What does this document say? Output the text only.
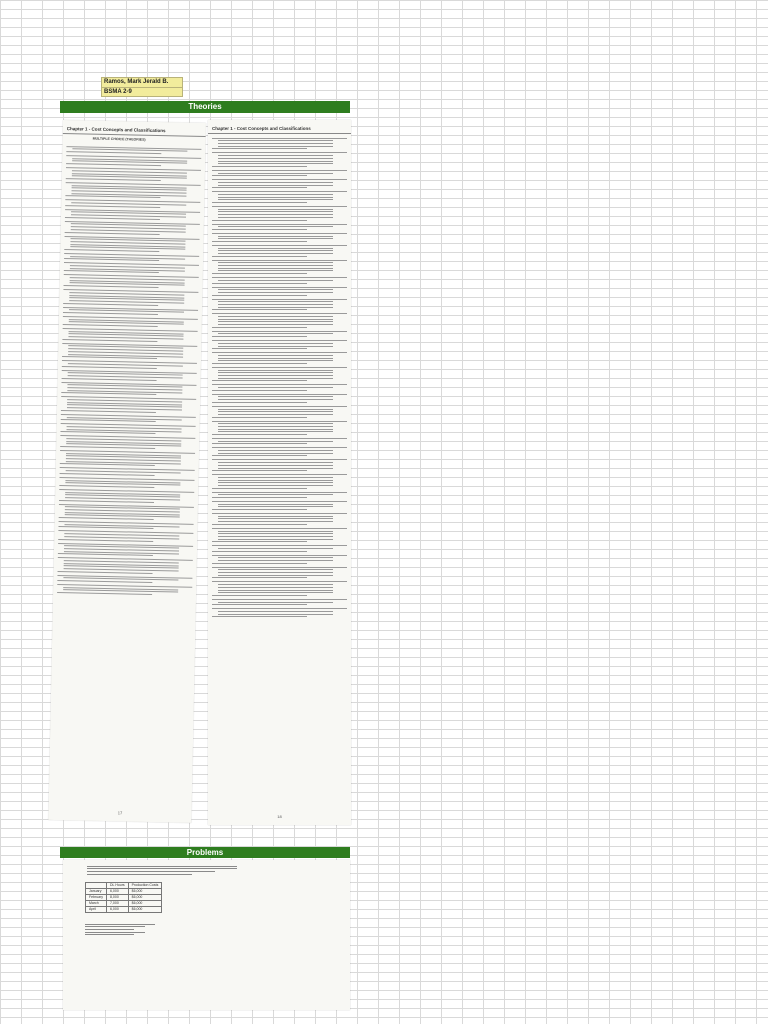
Ramos, Mark Jerald B.
BSMA 2-9
Theories
Chapter 1 - Cost Concepts and Classifications
MULTIPLE CHOICE (THEORIES)
17
Chapter 1 - Cost Concepts and Classifications
18
Problems
	DL Hours	Production Costs
January	6,000	$6,000
February	8,000	$6,000
March	7,000	$6,000
April	6,000	$6,000
